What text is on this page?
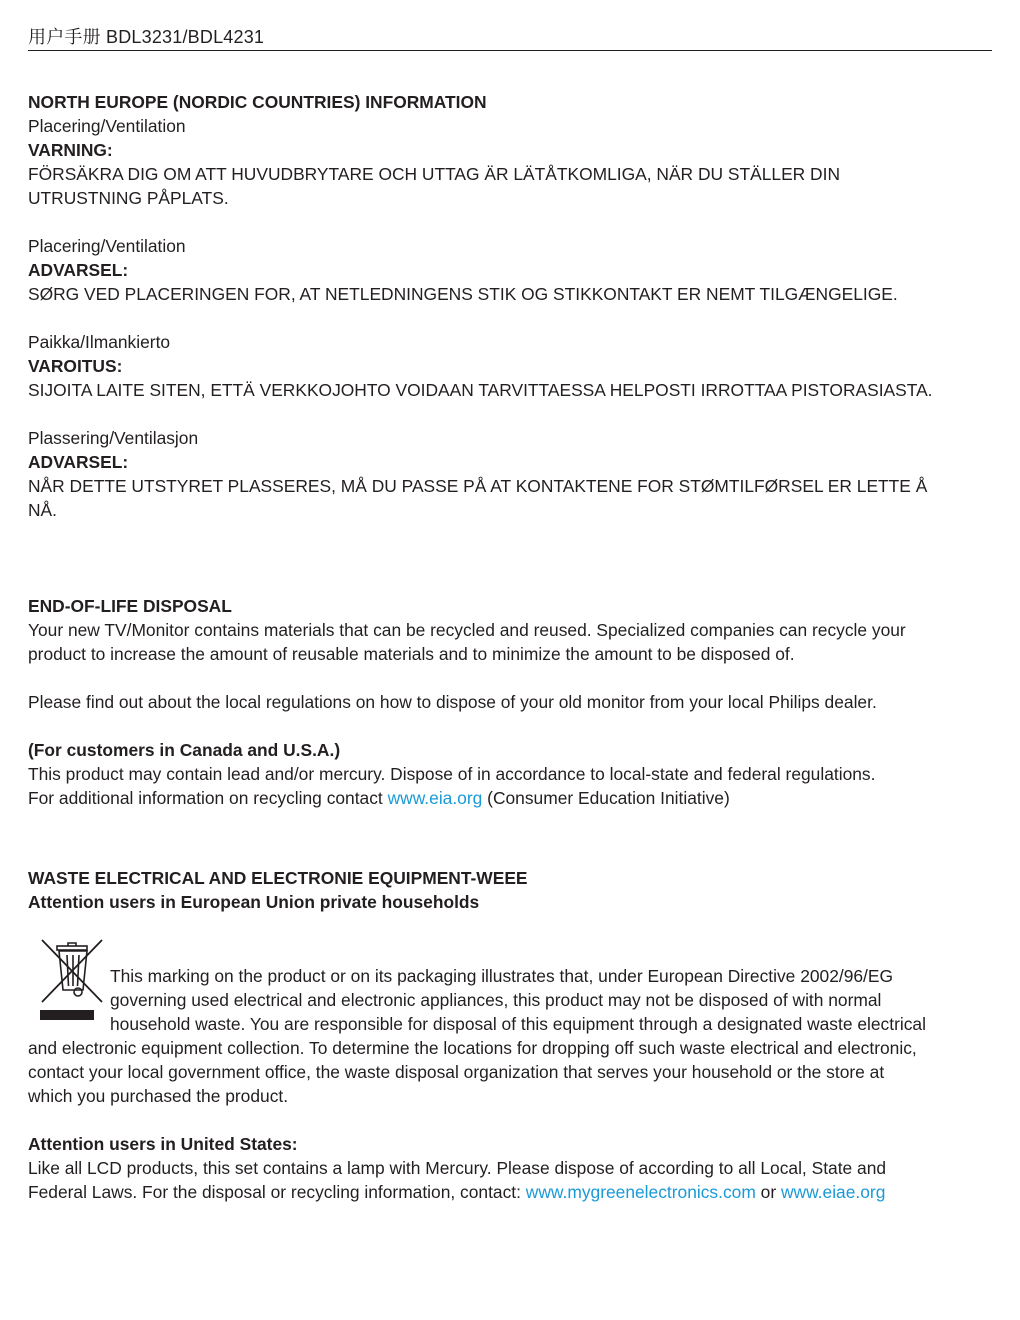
用户手册 BDL3231/BDL4231

NORTH EUROPE (NORDIC COUNTRIES) INFORMATION

Placering/Ventilation

VARNING:

FÖRSÄKRA DIG OM ATT HUVUDBRYTARE OCH UTTAG ÄR LÄTÅTKOMLIGA, NÄR DU STÄLLER DIN

UTRUSTNING PÅPLATS.

Placering/Ventilation

ADVARSEL:

SØRG VED PLACERINGEN FOR, AT NETLEDNINGENS STIK OG STIKKONTAKT ER NEMT TILGÆNGELIGE.

Paikka/Ilmankierto

VAROITUS:

SIJOITA LAITE SITEN, ETTÄ VERKKOJOHTO VOIDAAN TARVITTAESSA HELPOSTI IRROTTAA PISTORASIASTA.

Plassering/Ventilasjon

ADVARSEL:

NÅR DETTE UTSTYRET PLASSERES, MÅ DU PASSE PÅ AT KONTAKTENE FOR STØMTILFØRSEL ER LETTE Å

NÅ.

END-OF-LIFE DISPOSAL

Your new TV/Monitor contains materials that can be recycled and reused. Specialized companies can recycle your

product to increase the amount of reusable materials and to minimize the amount to be disposed of.

Please find out about the local regulations on how to dispose of your old monitor from your local Philips dealer.

(For customers in Canada and U.S.A.)

This product may contain lead and/or mercury. Dispose of in accordance to local-state and federal regulations.

For additional information on recycling contact www.eia.org (Consumer Education Initiative)

WASTE ELECTRICAL AND ELECTRONIE EQUIPMENT-WEEE

Attention users in European Union private households

This marking on the product or on its packaging illustrates that, under European Directive 2002/96/EG

governing used electrical and electronic appliances, this product may not be disposed of with normal

household waste. You are responsible for disposal of this equipment through a designated waste electrical

and electronic equipment collection. To determine the locations for dropping off such waste electrical and electronic,

contact your local government office, the waste disposal organization that serves your household or the store at

which you purchased the product.

Attention users in United States:

Like all LCD products, this set contains a lamp with Mercury. Please dispose of according to all Local, State and

Federal Laws. For the disposal or recycling information, contact: www.mygreenelectronics.com or www.eiae.org
